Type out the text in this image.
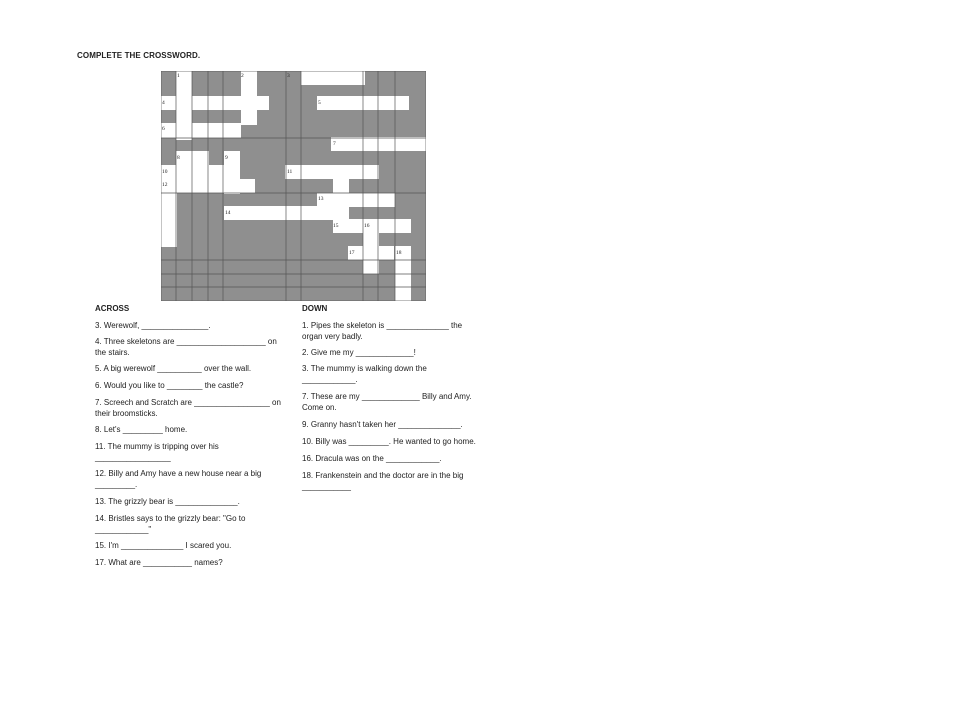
COMPLETE THE CROSSWORD.
1	2	3
4	5
6
7
8	9
10	11
12
13
14
15	16
17	18
ACROSS	DOWN
3. Werewolf, _______________.
4. Three skeletons are ____________________ on
the stairs.
5. A big werewolf __________ over the wall.
6. Would you like to ________ the castle?
7. Screech and Scratch are _________________ on
their broomsticks.
8. Let's _________ home.
11. The mummy is tripping over his
_________________
12. Billy and Amy have a new house near a big
_________.
13. The grizzly bear is ______________.
14. Bristles says to the grizzly bear: "Go to
____________"
15. I'm ______________ I scared you.
17. What are ___________ names?
1. Pipes the skeleton is ______________ the
organ very badly.
2. Give me my _____________!
3. The mummy is walking down the
____________.
7. These are my _____________ Billy and Amy.
Come on.
9. Granny hasn't taken her ______________.
10. Billy was _________. He wanted to go home.
16. Dracula was on the ____________.
18. Frankenstein and the doctor are in the big
___________
